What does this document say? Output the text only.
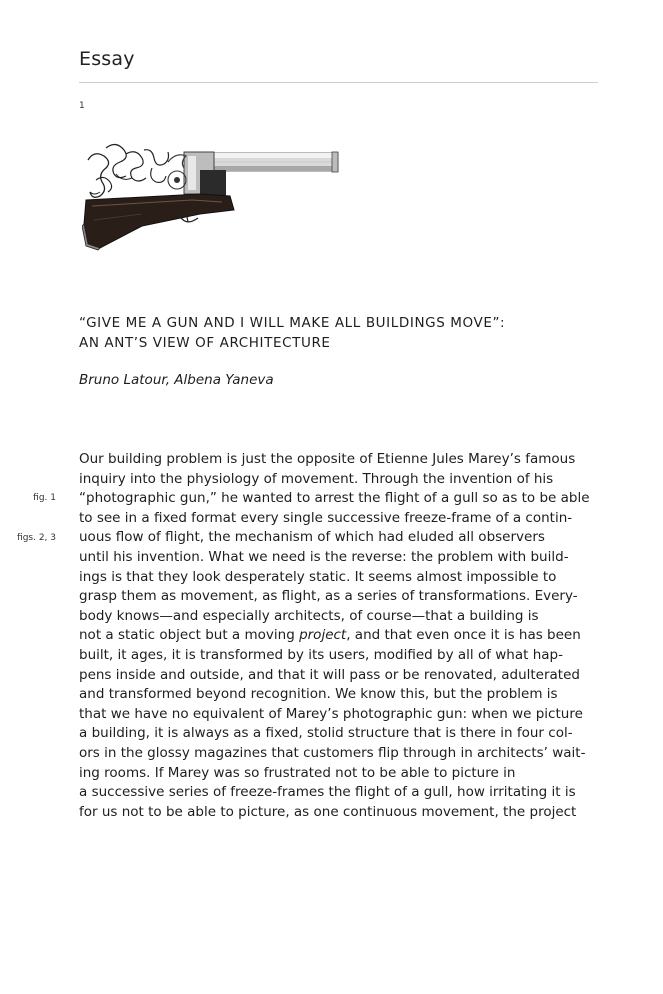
Essay
1
“GIVE ME A GUN AND I WILL MAKE ALL BUILDINGS MOVE”:
AN ANT’S VIEW OF ARCHITECTURE
Bruno Latour, Albena Yaneva
fig. 1
figs. 2, 3
Our building problem is just the opposite of Etienne Jules Marey’s famous
inquiry into the physiology of movement. Through the invention of his
“photographic gun,” he wanted to arrest the flight of a gull so as to be able
to see in a fixed format every single successive freeze-frame of a contin-
uous flow of flight, the mechanism of which had eluded all observers
until his invention. What we need is the reverse: the problem with build-
ings is that they look desperately static. It seems almost impossible to
grasp them as movement, as flight, as a series of transformations. Every-
body knows—and especially architects, of course—that a building is
not a static object but a moving project, and that even once it is has been
built, it ages, it is transformed by its users, modified by all of what hap-
pens inside and outside, and that it will pass or be renovated, adulterated
and transformed beyond recognition. We know this, but the problem is
that we have no equivalent of Marey’s photographic gun: when we picture
a building, it is always as a fixed, stolid structure that is there in four col-
ors in the glossy magazines that customers flip through in architects’ wait-
ing rooms. If Marey was so frustrated not to be able to picture in
a successive series of freeze-frames the flight of a gull, how irritating it is
for us not to be able to picture, as one continuous movement, the project
